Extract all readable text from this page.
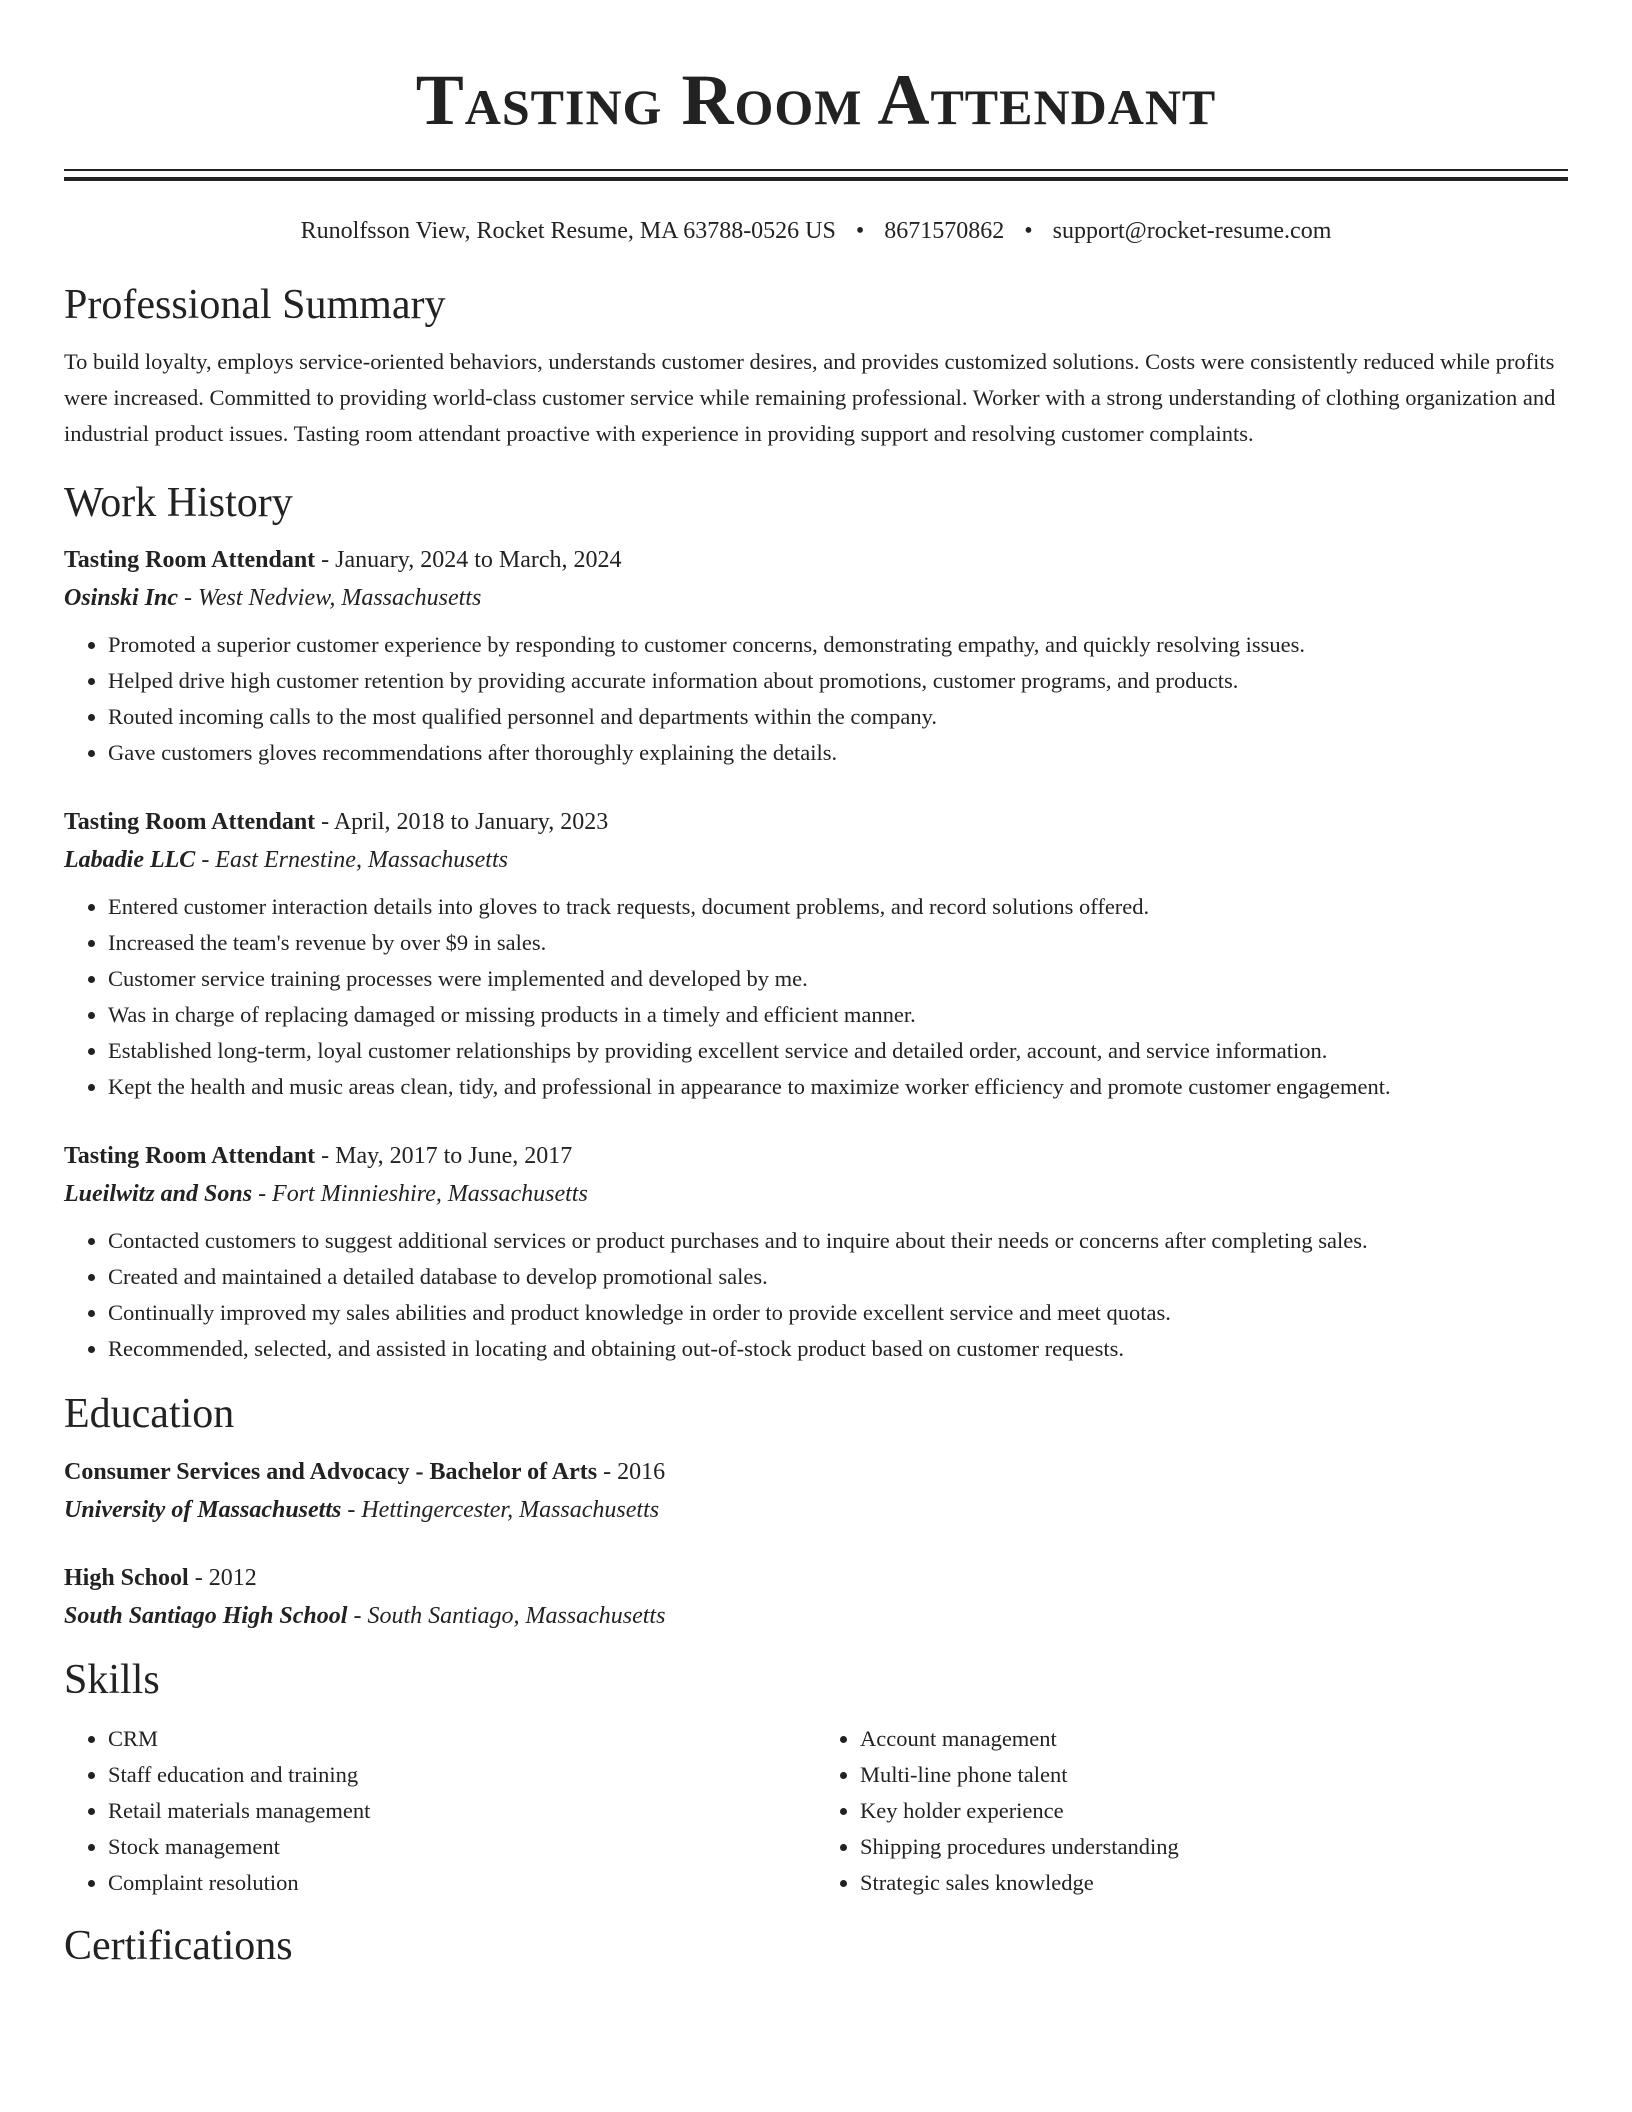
Tasting Room Attendant
Runolfsson View, Rocket Resume, MA 63788-0526 US • 8671570862 • support@rocket-resume.com
Professional Summary
To build loyalty, employs service-oriented behaviors, understands customer desires, and provides customized solutions. Costs were consistently reduced while profits were increased. Committed to providing world-class customer service while remaining professional. Worker with a strong understanding of clothing organization and industrial product issues. Tasting room attendant proactive with experience in providing support and resolving customer complaints.
Work History
Tasting Room Attendant - January, 2024 to March, 2024
Osinski Inc - West Nedview, Massachusetts
• Promoted a superior customer experience by responding to customer concerns, demonstrating empathy, and quickly resolving issues.
• Helped drive high customer retention by providing accurate information about promotions, customer programs, and products.
• Routed incoming calls to the most qualified personnel and departments within the company.
• Gave customers gloves recommendations after thoroughly explaining the details.
Tasting Room Attendant - April, 2018 to January, 2023
Labadie LLC - East Ernestine, Massachusetts
• Entered customer interaction details into gloves to track requests, document problems, and record solutions offered.
• Increased the team's revenue by over $9 in sales.
• Customer service training processes were implemented and developed by me.
• Was in charge of replacing damaged or missing products in a timely and efficient manner.
• Established long-term, loyal customer relationships by providing excellent service and detailed order, account, and service information.
• Kept the health and music areas clean, tidy, and professional in appearance to maximize worker efficiency and promote customer engagement.
Tasting Room Attendant - May, 2017 to June, 2017
Lueilwitz and Sons - Fort Minnieshire, Massachusetts
• Contacted customers to suggest additional services or product purchases and to inquire about their needs or concerns after completing sales.
• Created and maintained a detailed database to develop promotional sales.
• Continually improved my sales abilities and product knowledge in order to provide excellent service and meet quotas.
• Recommended, selected, and assisted in locating and obtaining out-of-stock product based on customer requests.
Education
Consumer Services and Advocacy - Bachelor of Arts - 2016
University of Massachusetts - Hettingercester, Massachusetts
High School - 2012
South Santiago High School - South Santiago, Massachusetts
Skills
• CRM
• Staff education and training
• Retail materials management
• Stock management
• Complaint resolution
• Account management
• Multi-line phone talent
• Key holder experience
• Shipping procedures understanding
• Strategic sales knowledge
Certifications
